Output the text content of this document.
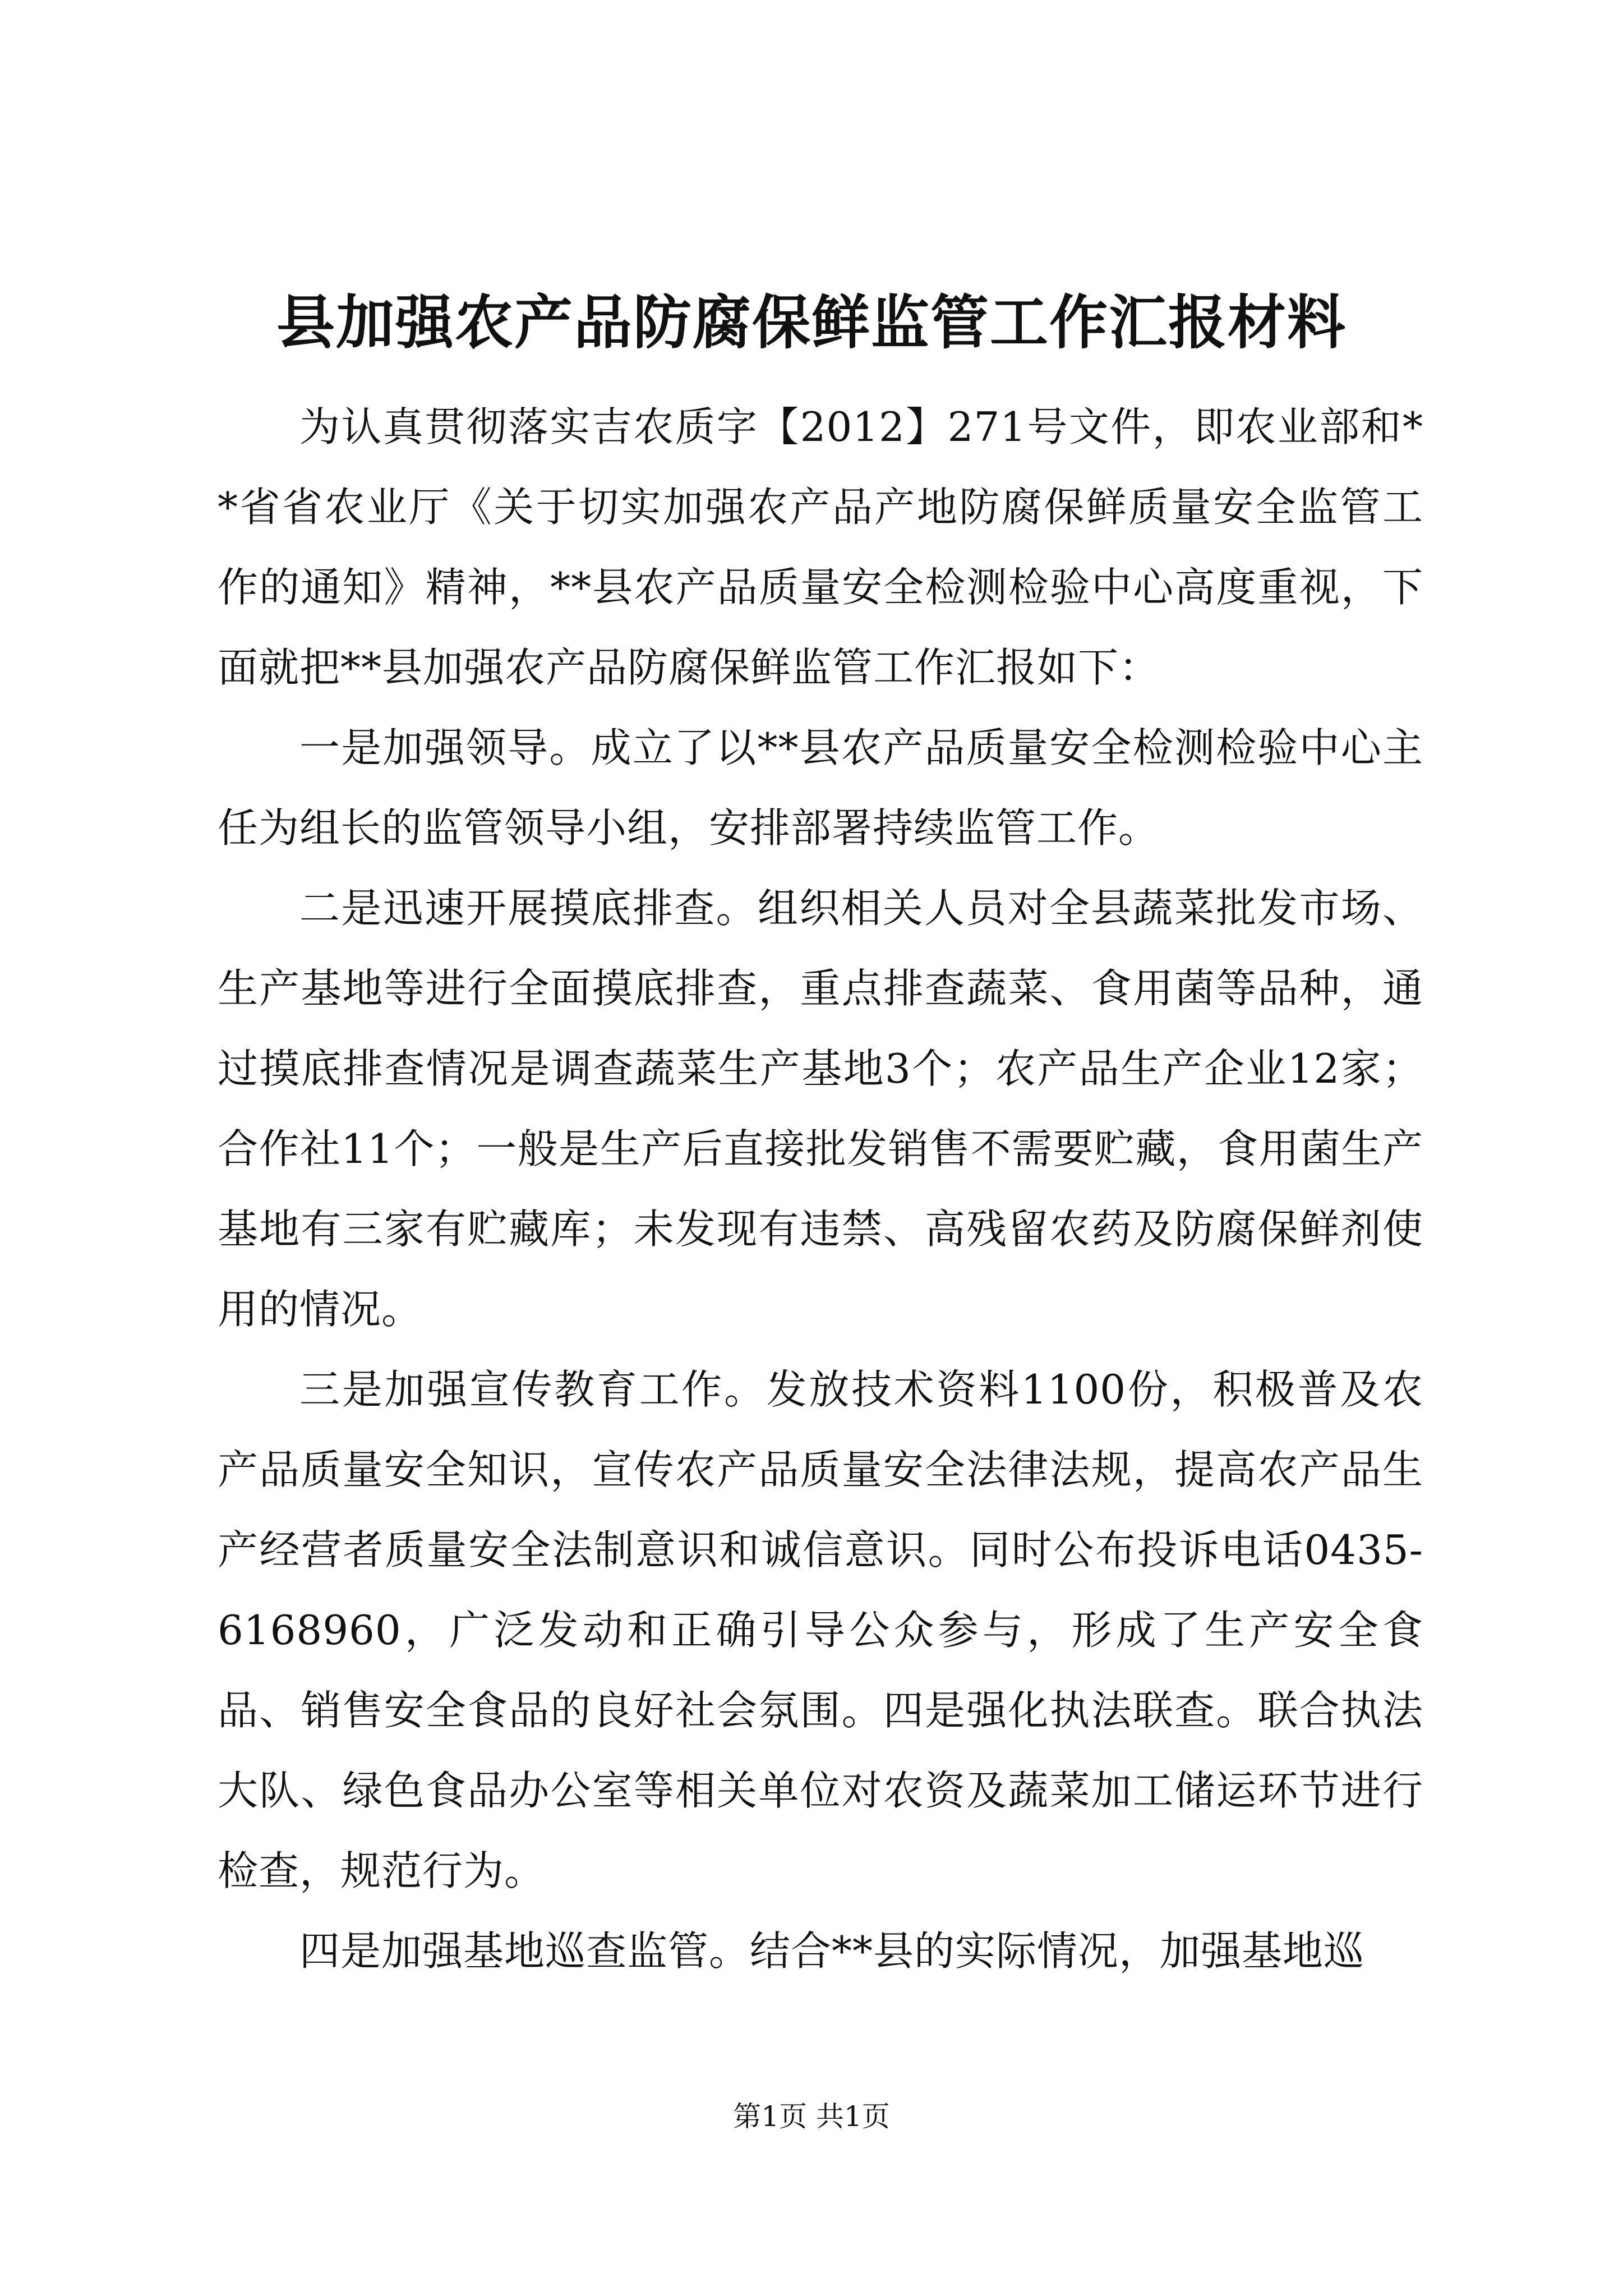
县加强农产品防腐保鲜监管工作汇报材料

为认真贯彻落实吉农质字【2012】271号文件，即农业部和**省省农业厅《关于切实加强农产品产地防腐保鲜质量安全监管工作的通知》精神，**县农产品质量安全检测检验中心高度重视，下面就把**县加强农产品防腐保鲜监管工作汇报如下：

一是加强领导。成立了以**县农产品质量安全检测检验中心主任为组长的监管领导小组，安排部署持续监管工作。

二是迅速开展摸底排查。组织相关人员对全县蔬菜批发市场、生产基地等进行全面摸底排查，重点排查蔬菜、食用菌等品种，通过摸底排查情况是调查蔬菜生产基地3个；农产品生产企业12家；合作社11个；一般是生产后直接批发销售不需要贮藏，食用菌生产基地有三家有贮藏库；未发现有违禁、高残留农药及防腐保鲜剂使用的情况。

三是加强宣传教育工作。发放技术资料1100份，积极普及农产品质量安全知识，宣传农产品质量安全法律法规，提高农产品生产经营者质量安全法制意识和诚信意识。同时公布投诉电话0435-6168960，广泛发动和正确引导公众参与，形成了生产安全食品、销售安全食品的良好社会氛围。四是强化执法联查。联合执法大队、绿色食品办公室等相关单位对农资及蔬菜加工储运环节进行检查，规范行为。

四是加强基地巡查监管。结合**县的实际情况，加强基地巡

第1页 共1页
